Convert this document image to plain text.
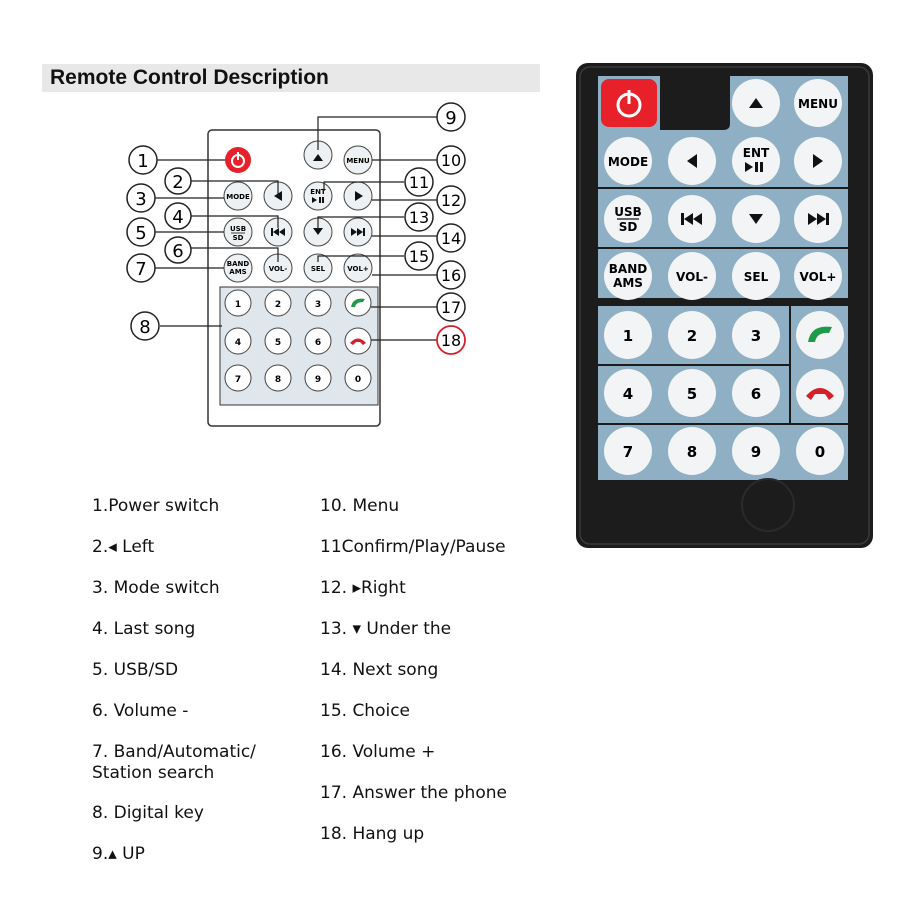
Remote Control Description
MENU
MODE
ENT
USB
SD
BAND
AMS	VOL-	SEL	VOL+
1	2	3
4	5	6
7	8	9	0
1
2
3
4
5
6
7
8
9
10
11
12
13
14
15
16
17
18
MENU
MODE
ENT
USB
SD
BAND
AMS	VOL-	SEL	VOL+
1	2	3
4	5	6
7	8	9	0
1.Power switch
2.◂ Left
3. Mode switch
4. Last song
5. USB/SD
6. Volume -
7. Band/Automatic/ Station search
8. Digital key
9.▴ UP
10. Menu
11Confirm/Play/Pause
12. ▸Right
13. ▾ Under the
14. Next song
15. Choice
16. Volume +
17. Answer the phone
18. Hang up
